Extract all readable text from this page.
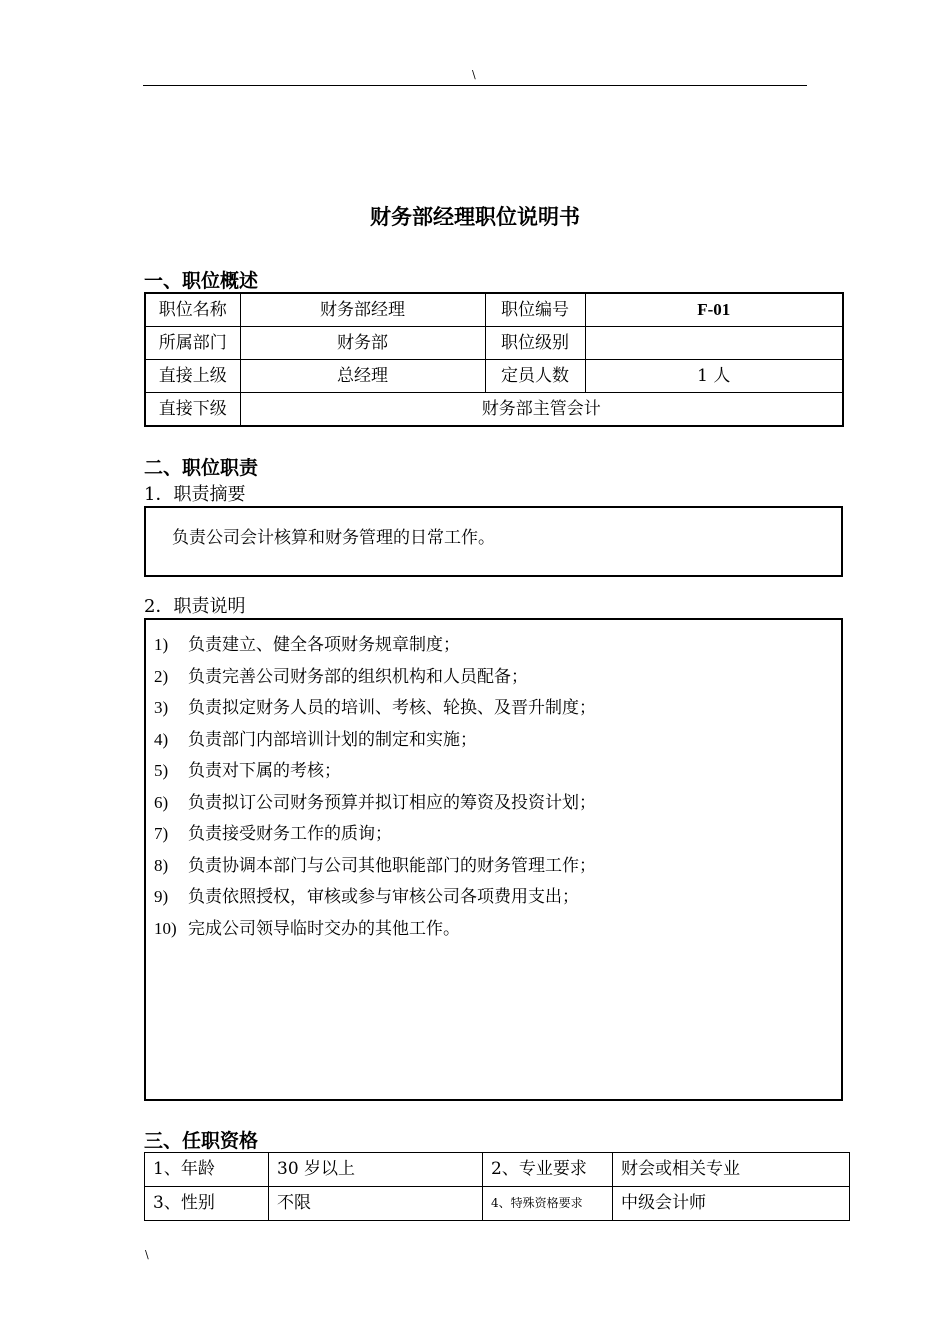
\
财务部经理职位说明书
一、职位概述
职位名称	财务部经理	职位编号	F-01
所属部门	财务部	职位级别	
直接上级	总经理	定员人数	1 人
直接下级	财务部主管会计		
二、职位职责
1．职责摘要
负责公司会计核算和财务管理的日常工作。
2．职责说明
1) 负责建立、健全各项财务规章制度；
2) 负责完善公司财务部的组织机构和人员配备；
3) 负责拟定财务人员的培训、考核、轮换、及晋升制度；
4) 负责部门内部培训计划的制定和实施；
5) 负责对下属的考核；
6) 负责拟订公司财务预算并拟订相应的筹资及投资计划；
7) 负责接受财务工作的质询；
8) 负责协调本部门与公司其他职能部门的财务管理工作；
9) 负责依照授权，审核或参与审核公司各项费用支出；
10) 完成公司领导临时交办的其他工作。
三、任职资格
1、年龄	30 岁以上	2、专业要求	财会或相关专业
3、性别	不限	4、特殊资格要求	中级会计师
\
